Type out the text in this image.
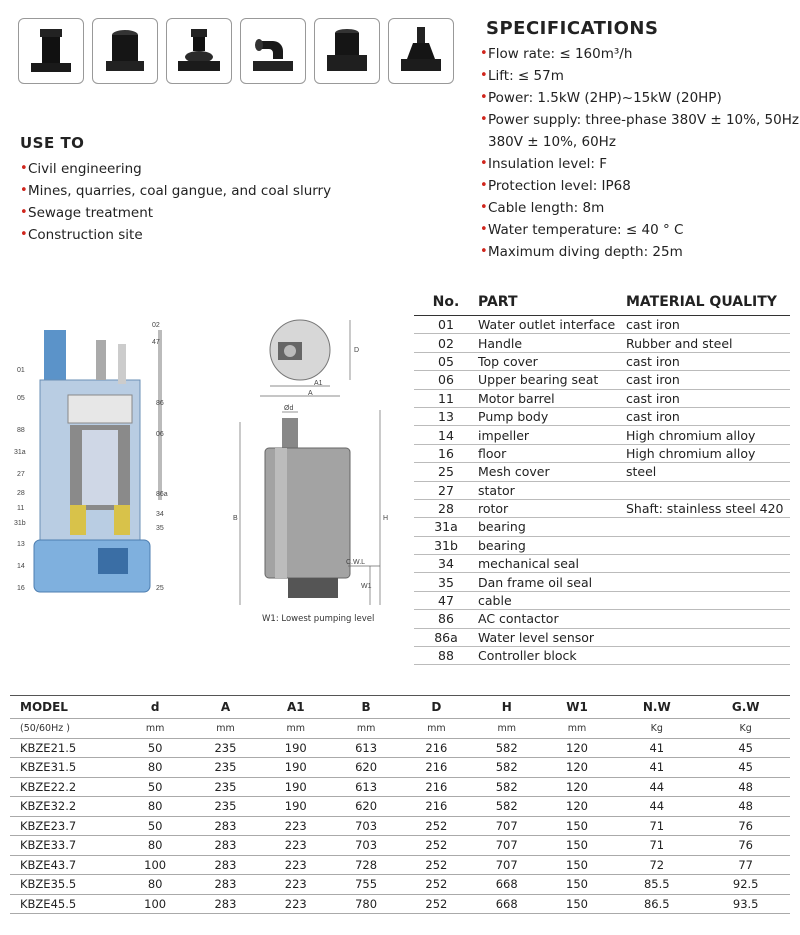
USE TO
• Civil engineering
• Mines, quarries, coal gangue, and coal slurry
• Sewage treatment
• Construction site
SPECIFICATIONS
• Flow rate: ≤ 160m³/h
• Lift: ≤ 57m
• Power: 1.5kW (2HP)~15kW (20HP)
• Power supply: three-phase 380V ± 10%, 50Hz
380V ± 10%, 60Hz
• Insulation level: F
• Protection level: IP68
• Cable length: 8m
• Water temperature: ≤ 40 ° C
• Maximum diving depth: 25m
02
47
01
05
86
06
88
31a
27
28
11
86a
31b
34
35
13
14
16	25
A1
A
D
Ød
B	H
C.W.L
W1
W1: Lowest pumping level
No.	PART	MATERIAL QUALITY
01	Water outlet interface	cast iron
02	Handle	Rubber and steel
05	Top cover	cast iron
06	Upper bearing seat	cast iron
11	Motor barrel	cast iron
13	Pump body	cast iron
14	impeller	High chromium alloy
16	floor	High chromium alloy
25	Mesh cover	steel
27	stator	
28	rotor	Shaft: stainless steel 420
31a	bearing	
31b	bearing	
34	mechanical seal	
35	Dan frame oil seal	
47	cable	
86	AC contactor	
86a	Water level sensor	
88	Controller block	
MODEL	d	A	A1	B	D	H	W1	N.W	G.W
(50/60Hz )	mm	mm	mm	mm	mm	mm	mm	Kg	Kg
KBZE21.5	50	235	190	613	216	582	120	41	45
KBZE31.5	80	235	190	620	216	582	120	41	45
KBZE22.2	50	235	190	613	216	582	120	44	48
KBZE32.2	80	235	190	620	216	582	120	44	48
KBZE23.7	50	283	223	703	252	707	150	71	76
KBZE33.7	80	283	223	703	252	707	150	71	76
KBZE43.7	100	283	223	728	252	707	150	72	77
KBZE35.5	80	283	223	755	252	668	150	85.5	92.5
KBZE45.5	100	283	223	780	252	668	150	86.5	93.5
